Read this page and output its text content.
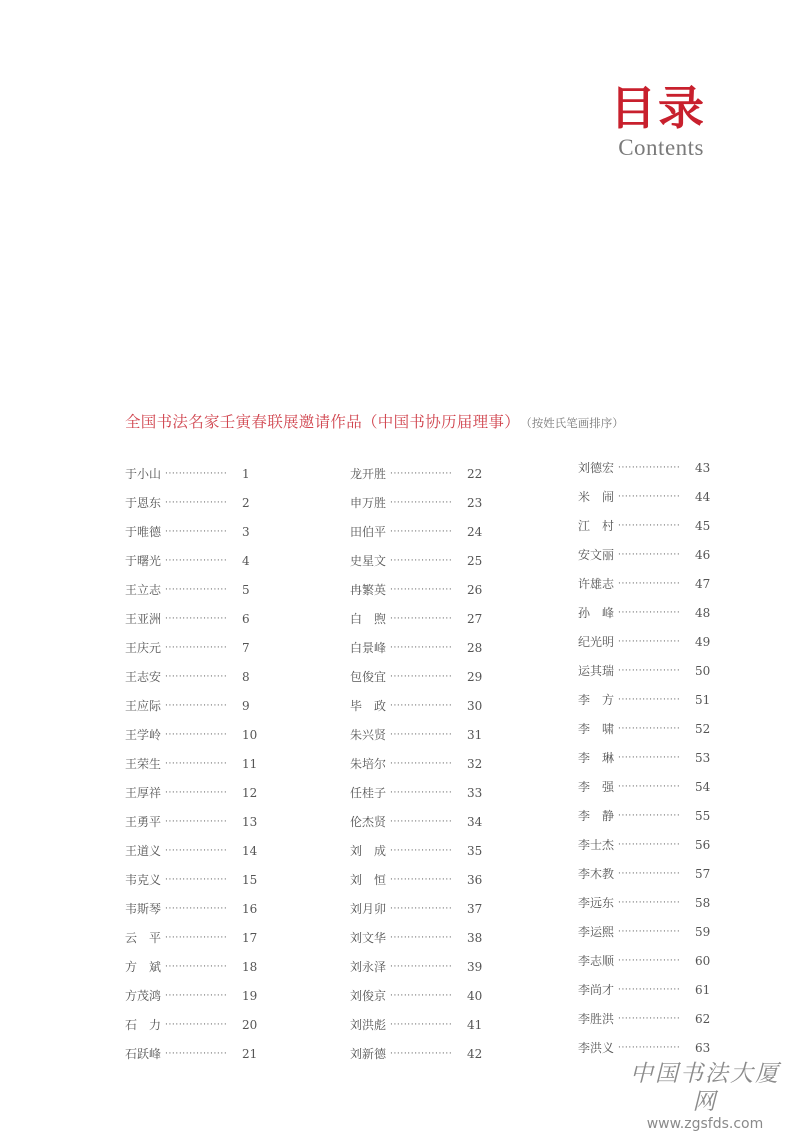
目录
Contents
全国书法名家壬寅春联展邀请作品（中国书协历届理事） （按姓氏笔画排序）
于小山 ··················	1
于恩东 ··················	2
于唯德 ··················	3
于曙光 ··················	4
王立志 ··················	5
王亚洲 ··················	6
王庆元 ··················	7
王志安 ··················	8
王应际 ··················	9
王学岭 ··················	10
王荣生 ··················	11
王厚祥 ··················	12
王勇平 ··················	13
王道义 ··················	14
韦克义 ··················	15
韦斯琴 ··················	16
云　平 ··················	17
方　斌 ··················	18
方茂鸿 ··················	19
石　力 ··················	20
石跃峰 ··················	21
龙开胜 ··················	22
申万胜 ··················	23
田伯平 ··················	24
史星文 ··················	25
冉繁英 ··················	26
白　煦 ··················	27
白景峰 ··················	28
包俊宜 ··················	29
毕　政 ··················	30
朱兴贤 ··················	31
朱培尔 ··················	32
任桂子 ··················	33
伦杰贤 ··················	34
刘　成 ··················	35
刘　恒 ··················	36
刘月卯 ··················	37
刘文华 ··················	38
刘永泽 ··················	39
刘俊京 ··················	40
刘洪彪 ··················	41
刘新德 ··················	42
刘德宏 ··················	43
米　闹 ··················	44
江　村 ··················	45
安文丽 ··················	46
许雄志 ··················	47
孙　峰 ··················	48
纪光明 ··················	49
运其瑞 ··················	50
李　方 ··················	51
李　啸 ··················	52
李　琳 ··················	53
李　强 ··················	54
李　静 ··················	55
李士杰 ··················	56
李木教 ··················	57
李远东 ··················	58
李运熙 ··················	59
李志顺 ··················	60
李尚才 ··················	61
李胜洪 ··················	62
李洪义 ··················	63
中国书法大厦网
www.zgsfds.com
